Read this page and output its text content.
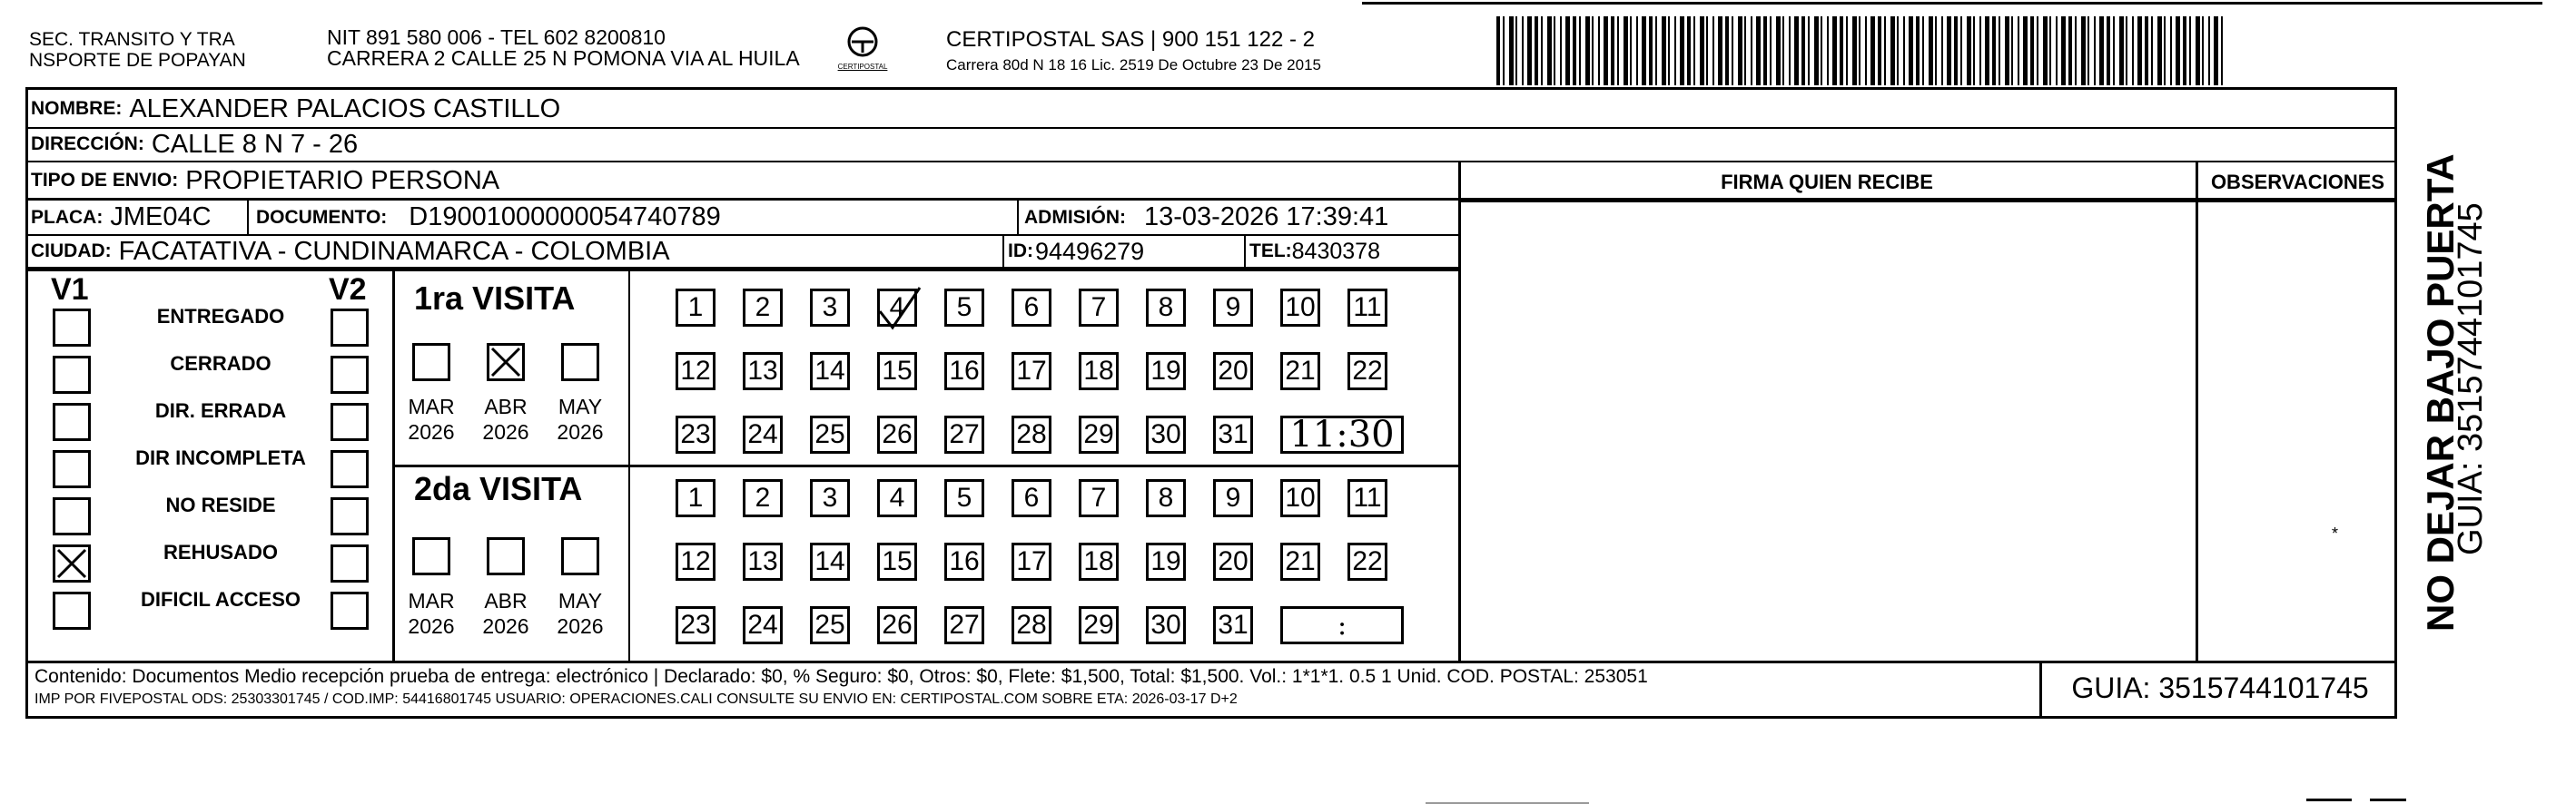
SEC. TRANSITO Y TRA
NSPORTE DE POPAYAN
NIT 891 580 006 - TEL 602 8200810
CARRERA 2 CALLE 25 N POMONA VIA AL HUILA	CERTIPOSTAL
CERTIPOSTAL SAS | 900 151 122 - 2
Carrera 80d N 18 16 Lic. 2519 De Octubre 23 De 2015
NOMBRE: ALEXANDER PALACIOS CASTILLO
DIRECCIÓN: CALLE 8 N 7 - 26
TIPO DE ENVIO: PROPIETARIO PERSONA
PLACA: JME04C DOCUMENTO: D19001000000054740789	ADMISIÓN: 13-03-2026 17:39:41
CIUDAD: FACATATIVA - CUNDINAMARCA - COLOMBIA	ID: 94496279	TEL: 8430378
FIRMA QUIEN RECIBE	OBSERVACIONES
*
V1	V2
ENTREGADO
CERRADO
DIR. ERRADA
DIR INCOMPLETA
NO RESIDE
REHUSADO
DIFICIL ACCESO
1ra VISITA
2da VISITA
MAR
2026
ABR
2026
MAY
2026
MAR
2026
ABR
2026
MAY
2026
1 2 3 4 5 6 7 8 9 10 11
12 13 14 15 16 17 18 19 20 21 22
23 24 25 26 27 28 29 30 31 11:30
1 2 3 4 5 6 7 8 9 10 11
12 13 14 15 16 17 18 19 20 21 22
23 24 25 26 27 28 29 30 31	:
Contenido: Documentos Medio recepción prueba de entrega: electrónico | Declarado: $0, % Seguro: $0, Otros: $0, Flete: $1,500, Total: $1,500. Vol.: 1*1*1. 0.5 1 Unid. COD. POSTAL: 253051
IMP POR FIVEPOSTAL ODS: 25303301745 / COD.IMP: 54416801745 USUARIO: OPERACIONES.CALI CONSULTE SU ENVIO EN: CERTIPOSTAL.COM SOBRE ETA: 2026-03-17 D+2	GUIA: 3515744101745
NO DEJAR BAJO PUERTA
GUIA: 3515744101745
